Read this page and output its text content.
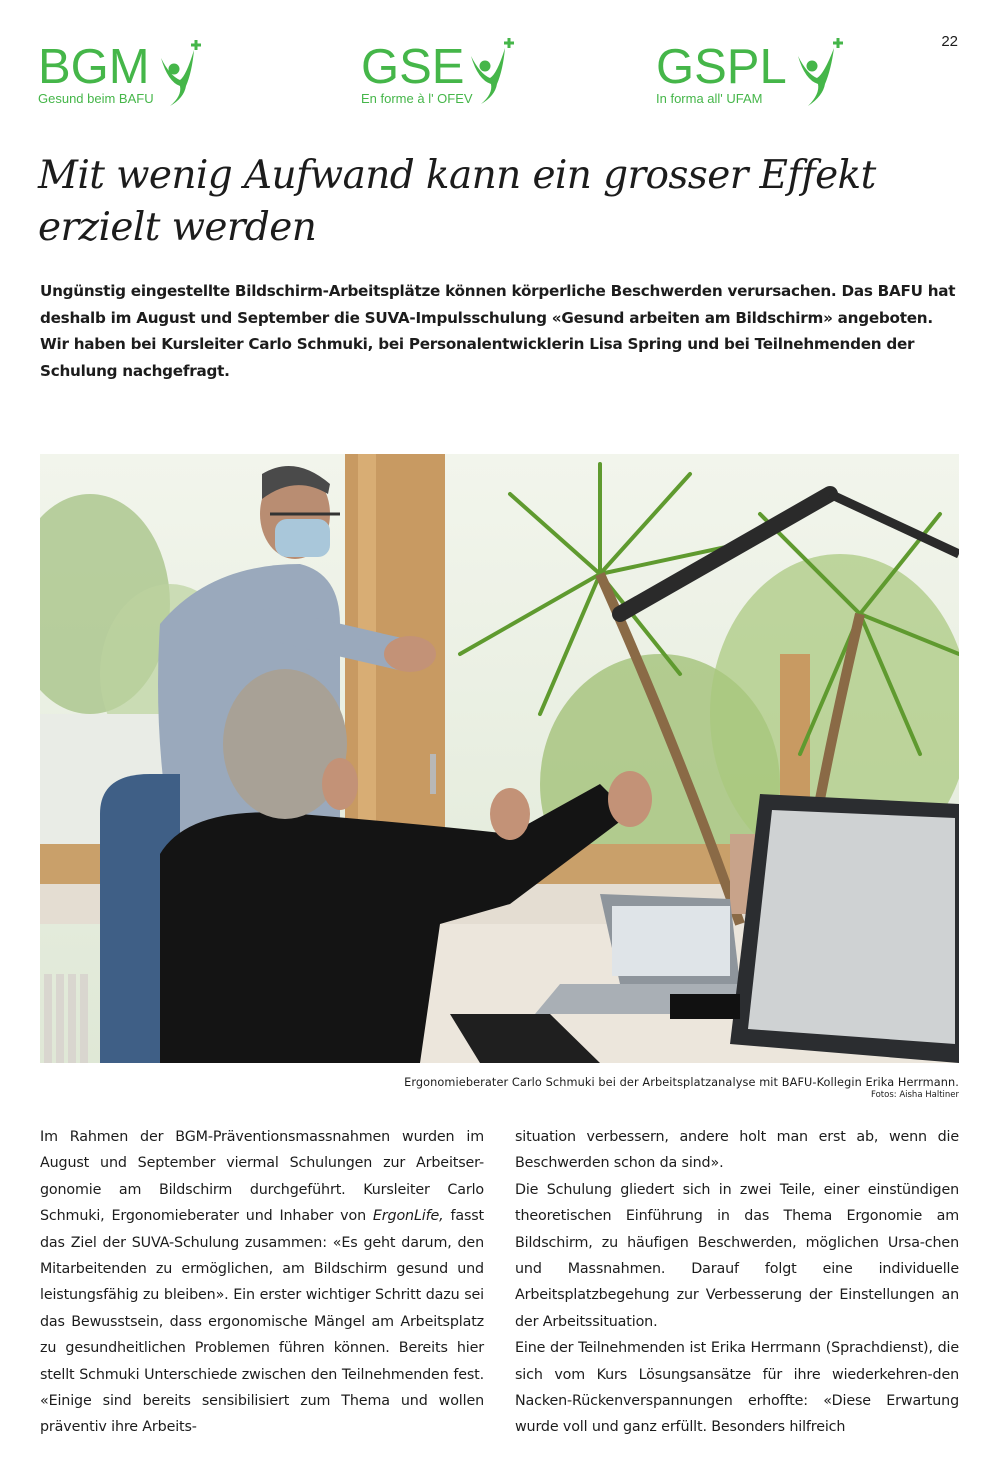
BGM
Gesund beim BAFU
GSE
En forme à l' OFEV
GSPL
In forma all' UFAM
22
Mit wenig Aufwand kann ein grosser Effekt
erzielt werden

Ungünstig eingestellte Bildschirm-Arbeitsplätze können körperliche Beschwerden verursachen. Das BAFU hat deshalb im August und September die SUVA-Impulsschulung «Gesund arbeiten am Bildschirm» angeboten. Wir haben bei Kursleiter Carlo Schmuki, bei Personalentwicklerin Lisa Spring und bei Teilnehmenden der Schulung nachgefragt.

Ergonomieberater Carlo Schmuki bei der Arbeitsplatzanalyse mit BAFU-Kollegin Erika Herrmann.
Fotos: Aisha Haltiner

Im Rahmen der BGM-Präventionsmassnahmen wurden im August und September viermal Schulungen zur Arbeitser-gonomie am Bildschirm durchgeführt. Kursleiter Carlo Schmuki, Ergonomieberater und Inhaber von ErgonLife, fasst das Ziel der SUVA-Schulung zusammen: «Es geht darum, den Mitarbeitenden zu ermöglichen, am Bildschirm gesund und leistungsfähig zu bleiben». Ein erster wichtiger Schritt dazu sei das Bewusstsein, dass ergonomische Mängel am Arbeitsplatz zu gesundheitlichen Problemen führen können. Bereits hier stellt Schmuki Unterschiede zwischen den Teilnehmenden fest. «Einige sind bereits sensibilisiert zum Thema und wollen präventiv ihre Arbeits-

situation verbessern, andere holt man erst ab, wenn die Beschwerden schon da sind».

Die Schulung gliedert sich in zwei Teile, einer einstündigen theoretischen Einführung in das Thema Ergonomie am Bildschirm, zu häufigen Beschwerden, möglichen Ursa-chen und Massnahmen. Darauf folgt eine individuelle Arbeitsplatzbegehung zur Verbesserung der Einstellungen an der Arbeitssituation.

Eine der Teilnehmenden ist Erika Herrmann (Sprachdienst), die sich vom Kurs Lösungsansätze für ihre wiederkehren-den Nacken-Rückenverspannungen erhoffte: «Diese Erwartung wurde voll und ganz erfüllt. Besonders hilfreich
